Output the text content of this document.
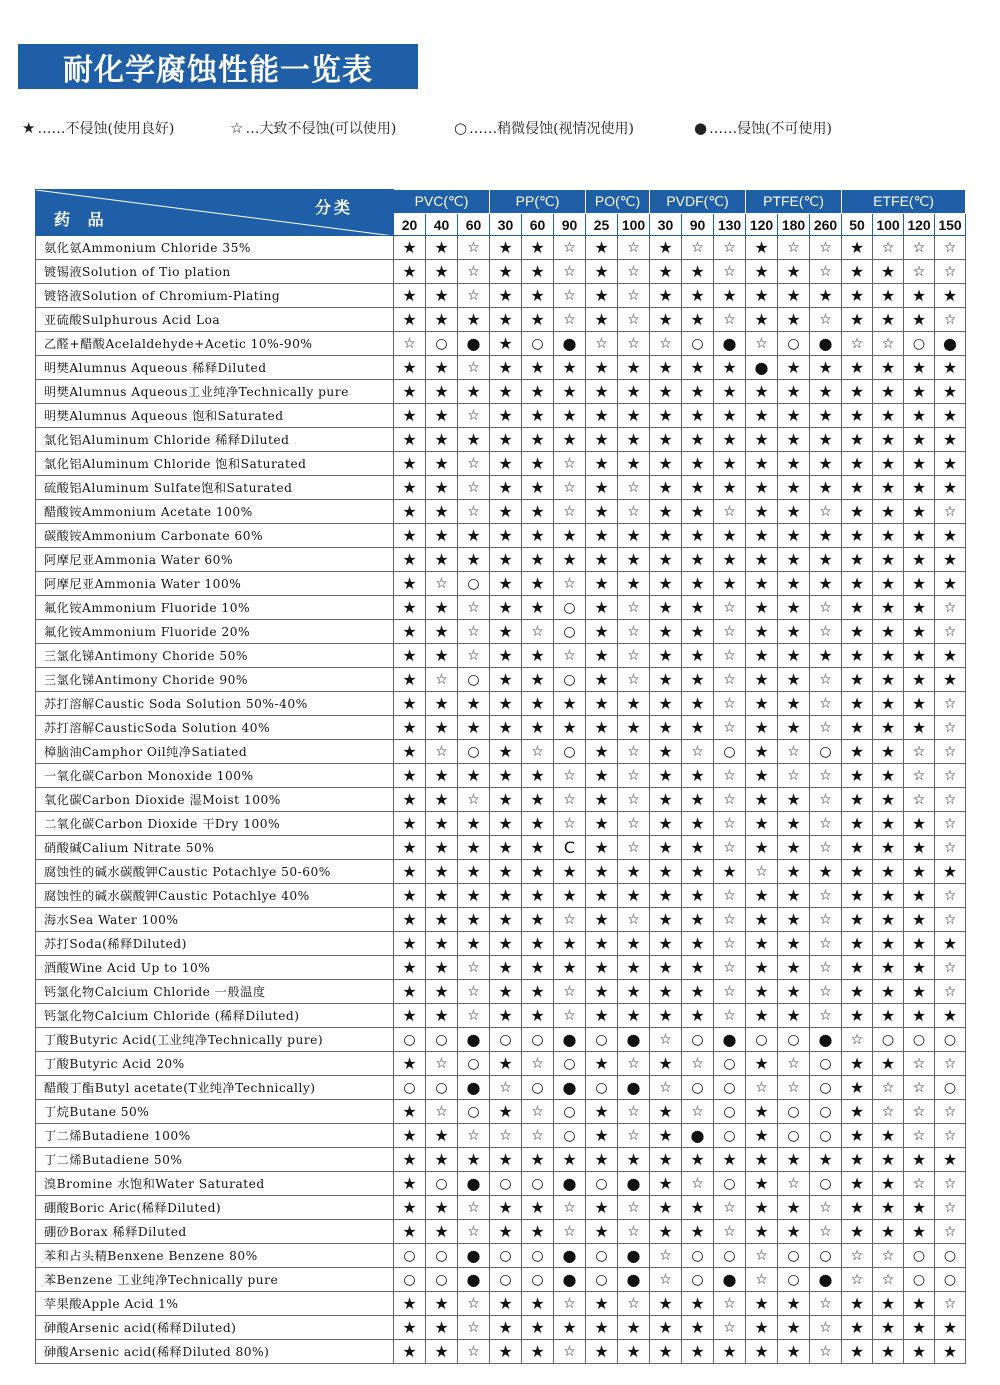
耐化学腐蚀性能一览表
★ ……不侵蚀(使用良好)	☆ …大致不侵蚀(可以使用)	○ ……稍微侵蚀(视情况使用)	● ……侵蚀(不可使用)
分类
药 品	PVC(℃)			PP(℃)			PO(℃)		PVDF(℃)			PTFE(℃)			ETFE(℃)			
	20	40	60	30	60	90	25	100	30	90	130	120	180	260	50	100	120	150
氨化氨Ammonium Chloride 35%	★	★	☆	★	★	☆	★	☆	★	☆	☆	★	☆	☆	★	☆	☆	☆
镀锡液Solution of Tio plation	★	★	☆	★	★	☆	★	☆	★	★	☆	★	★	☆	★	★	☆	☆
镀铬液Solution of Chromium-Plating	★	★	☆	★	★	☆	★	☆	★	★	★	★	★	★	★	★	★	★
亚硫酸Sulphurous Acid Loa	★	★	★	★	★	☆	★	☆	★	★	☆	★	★	☆	★	★	★	☆
乙醛+醋酸Acelaldehyde+Acetic 10%-90%	☆	○	●	★	○	●	☆	☆	☆	○	●	☆	○	●	☆	☆	○	●
明樊Alumnus Aqueous 稀释Diluted	★	★	☆	★	★	★	★	★	★	★	★	●	★	★	★	★	★	★
明樊Alumnus Aqueous工业纯净Technically pure	★	★	★	★	★	★	★	★	★	★	★	★	★	★	★	★	★	★
明樊Alumnus Aqueous 饱和Saturated	★	★	☆	★	★	★	★	★	★	★	★	★	★	★	★	★	★	★
氯化铝Aluminum Chloride 稀释Diluted	★	★	★	★	★	★	★	★	★	★	★	★	★	★	★	★	★	★
氯化铝Aluminum Chloride 饱和Saturated	★	★	☆	★	★	☆	★	★	★	★	★	★	★	★	★	★	★	★
硫酸铝Aluminum Sulfate饱和Saturated	★	★	☆	★	★	☆	★	☆	★	★	★	★	★	★	★	★	★	★
醋酸铵Ammonium Acetate 100%	★	★	☆	★	★	☆	★	☆	★	★	☆	★	★	☆	★	★	★	☆
碳酸铵Ammonium Carbonate 60%	★	★	★	★	★	★	★	★	★	★	★	★	★	★	★	★	★	★
阿摩尼亚Ammonia Water 60%	★	★	★	★	★	★	★	★	★	★	★	★	★	★	★	★	★	★
阿摩尼亚Ammonia Water 100%	★	☆	○	★	★	☆	★	★	★	★	★	★	★	★	★	★	★	★
氟化铵Ammonium Fluoride 10%	★	★	☆	★	★	○	★	☆	★	★	☆	★	★	☆	★	★	★	☆
氟化铵Ammonium Fluoride 20%	★	★	☆	★	☆	○	★	☆	★	★	☆	★	★	☆	★	★	★	☆
三氯化锑Antimony Choride 50%	★	★	☆	★	★	☆	★	☆	★	★	☆	★	★	★	★	★	★	★
三氯化锑Antimony Choride 90%	★	☆	○	★	★	○	★	☆	★	★	☆	★	★	☆	★	★	★	★
苏打溶解Caustic Soda Solution 50%-40%	★	★	★	★	★	★	★	★	★	★	☆	★	★	☆	★	★	★	☆
苏打溶解CausticSoda Solution 40%	★	★	★	★	★	★	★	★	★	★	☆	★	★	☆	★	★	★	☆
樟脑油Camphor Oil纯净Satiated	★	☆	○	★	☆	○	★	☆	★	☆	○	★	☆	○	★	★	☆	☆
一氧化碳Carbon Monoxide 100%	★	★	★	★	★	☆	★	☆	★	★	☆	★	☆	☆	★	★	☆	☆
氧化碳Carbon Dioxide 湿Moist 100%	★	★	☆	★	★	☆	★	☆	★	★	☆	★	★	☆	★	★	☆	☆
二氧化碳Carbon Dioxide 干Dry 100%	★	★	★	★	★	☆	★	☆	★	★	☆	★	★	☆	★	★	★	☆
硝酸碱Calium Nitrate 50%	★	★	★	★	★	C	★	☆	★	★	☆	★	★	☆	★	★	★	☆
腐蚀性的碱水碳酸钾Caustic Potachlye 50-60%	★	★	★	★	★	★	★	★	★	★	★	☆	★	★	★	★	★	★
腐蚀性的碱水碳酸钾Caustic Potachlye 40%	★	★	★	★	★	★	★	★	★	★	☆	★	★	☆	★	★	★	☆
海水Sea Water 100%	★	★	★	★	★	☆	★	☆	★	★	☆	★	★	☆	★	★	★	☆
苏打Soda(稀释Diluted)	★	★	★	★	★	★	★	★	★	★	☆	★	★	☆	★	★	★	★
酒酸Wine Acid Up to 10%	★	★	☆	★	★	★	★	★	★	★	☆	★	★	☆	★	★	★	☆
钙氯化物Calcium Chloride 一般温度	★	★	☆	★	★	☆	★	★	★	★	☆	★	★	☆	★	★	★	☆
钙氯化物Calcium Chloride (稀释Diluted)	★	★	☆	★	★	☆	★	★	★	★	☆	★	★	☆	★	★	★	★
丁酸Butyric Acid(工业纯净Technically pure)	○	○	●	○	○	●	○	●	☆	○	●	○	○	●	☆	○	○	○
丁酸Butyric Acid 20%	★	☆	○	★	☆	○	★	☆	★	☆	○	★	☆	○	★	★	☆	☆
醋酸丁酯Butyl acetate(T业纯净Technically)	○	○	●	☆	○	●	○	●	☆	○	○	☆	☆	○	★	☆	☆	○
丁烷Butane 50%	★	☆	○	★	☆	○	★	☆	★	☆	○	★	○	○	★	☆	☆	☆
丁二烯Butadiene 100%	★	★	☆	☆	☆	○	★	☆	★	●	○	★	○	○	★	★	☆	☆
丁二烯Butadiene 50%	★	★	★	★	★	★	★	★	★	★	★	★	★	★	★	★	★	★
溴Bromine 水饱和Water Saturated	★	○	●	○	○	●	○	●	★	☆	○	★	☆	○	★	★	☆	☆
硼酸Boric Aric(稀释Diluted)	★	★	☆	★	★	☆	★	☆	★	★	☆	★	★	☆	★	★	★	☆
硼砂Borax 稀释Diluted	★	★	☆	★	★	☆	★	☆	★	★	☆	★	★	☆	★	★	★	☆
苯和占头精Benxene Benzene 80%	○	○	●	○	○	●	○	●	☆	○	○	☆	○	○	☆	☆	○	○
苯Benzene 工业纯净Technically pure	○	○	●	○	○	●	○	●	☆	○	●	☆	○	●	☆	☆	○	○
苹果酸Apple Acid 1%	★	★	☆	★	★	☆	★	☆	★	★	☆	★	★	☆	★	★	★	☆
砷酸Arsenic acid(稀释Diluted)	★	★	☆	★	★	★	★	★	★	★	☆	★	★	☆	★	★	★	★
砷酸Arsenic acid(稀释Diluted 80%)	★	★	☆	★	★	☆	★	★	★	★	★	★	★	☆	★	★	★	★
